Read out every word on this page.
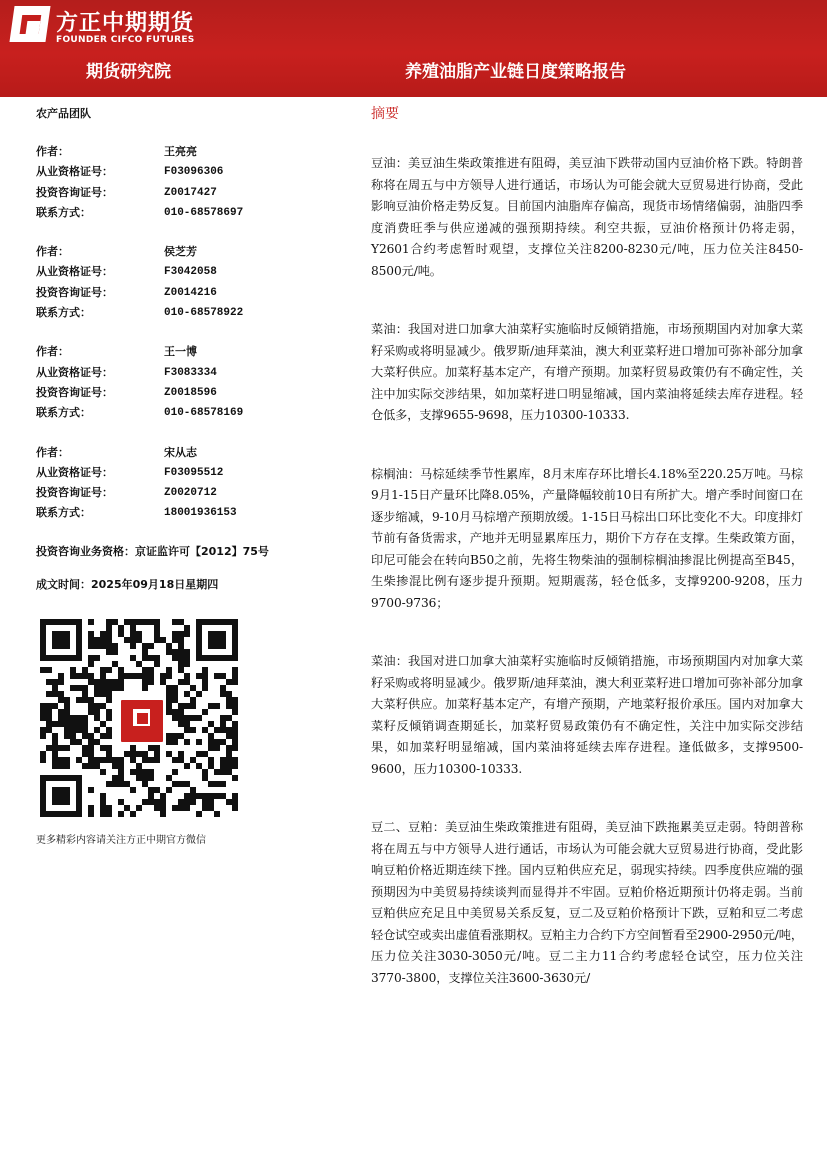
方正中期期货
FOUNDER CIFCO FUTURES
期货研究院	养殖油脂产业链日度策略报告
农产品团队
作者：	王亮亮
从业资格证号：	F03096306
投资咨询证号：	Z0017427
联系方式：	010-68578697
作者：	侯芝芳
从业资格证号：	F3042058
投资咨询证号：	Z0014216
联系方式：	010-68578922
作者：	王一博
从业资格证号：	F3083334
投资咨询证号：	Z0018596
联系方式：	010-68578169
作者：	宋从志
从业资格证号：	F03095512
投资咨询证号：	Z0020712
联系方式：	18001936153
投资咨询业务资格：京证监许可【2012】75号
成文时间：2025年09月18日星期四
更多精彩内容请关注方正中期官方微信
摘要

豆油：美豆油生柴政策推进有阻碍，美豆油下跌带动国内豆油价格下跌。特朗普称将在周五与中方领导人进行通话，市场认为可能会就大豆贸易进行协商，受此影响豆油价格走势反复。目前国内油脂库存偏高，现货市场情绪偏弱，油脂四季度消费旺季与供应递减的强预期持续。利空共振，豆油价格预计仍将走弱，Y2601合约考虑暂时观望，支撑位关注8200-8230元/吨，压力位关注8450-8500元/吨。

菜油：我国对进口加拿大油菜籽实施临时反倾销措施，市场预期国内对加拿大菜籽采购或将明显减少。俄罗斯/迪拜菜油，澳大利亚菜籽进口增加可弥补部分加拿大菜籽供应。加菜籽基本定产，有增产预期。加菜籽贸易政策仍有不确定性，关注中加实际交涉结果，如加菜籽进口明显缩减，国内菜油将延续去库存进程。轻仓低多，支撑9655-9698，压力10300-10333.

棕榈油：马棕延续季节性累库，8月末库存环比增长4.18%至220.25万吨。马棕9月1-15日产量环比降8.05%，产量降幅较前10日有所扩大。增产季时间窗口在逐步缩减，9-10月马棕增产预期放缓。1-15日马棕出口环比变化不大。印度排灯节前有备货需求，产地并无明显累库压力，期价下方存在支撑。生柴政策方面，印尼可能会在转向B50之前，先将生物柴油的强制棕榈油掺混比例提高至B45，生柴掺混比例有逐步提升预期。短期震荡，轻仓低多，支撑9200-9208，压力9700-9736；

菜油：我国对进口加拿大油菜籽实施临时反倾销措施，市场预期国内对加拿大菜籽采购或将明显减少。俄罗斯/迪拜菜油，澳大利亚菜籽进口增加可弥补部分加拿大菜籽供应。加菜籽基本定产，有增产预期，产地菜籽报价承压。国内对加拿大菜籽反倾销调查期延长，加菜籽贸易政策仍有不确定性，关注中加实际交涉结果，如加菜籽明显缩减，国内菜油将延续去库存进程。逢低做多，支撑9500-9600，压力10300-10333.

豆二、豆粕：美豆油生柴政策推进有阻碍，美豆油下跌拖累美豆走弱。特朗普称将在周五与中方领导人进行通话，市场认为可能会就大豆贸易进行协商，受此影响豆粕价格近期连续下挫。国内豆粕供应充足，弱现实持续。四季度供应端的强预期因为中美贸易持续谈判而显得并不牢固。豆粕价格近期预计仍将走弱。当前豆粕供应充足且中美贸易关系反复，豆二及豆粕价格预计下跌，豆粕和豆二考虑轻仓试空或卖出虚值看涨期权。豆粕主力合约下方空间暂看至2900-2950元/吨，压力位关注3030-3050元/吨。豆二主力11合约考虑轻仓试空，压力位关注3770-3800，支撑位关注3600-3630元/
